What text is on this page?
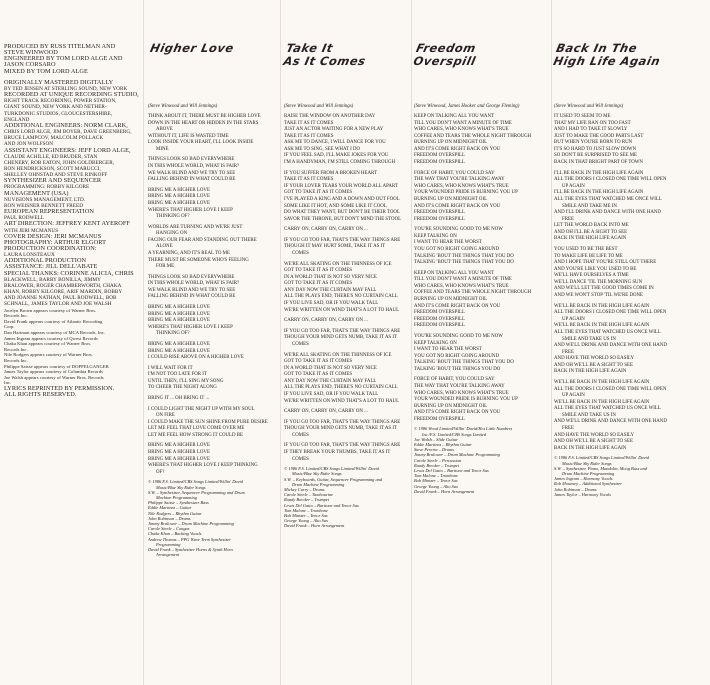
PRODUCED BY RUSS TITELMAN AND
STEVE WINWOOD
ENGINEERED BY TOM LORD ALGE AND
JASON CORSARO
MIXED BY TOM LORD ALGE
ORIGINALLY MASTERED DIGITALLY
BY TED JENSEN AT STERLING SOUND, NEW YORK
RECORDED AT UNIQUE RECORDING STUDIO,
RIGHT TRACK RECORDING, POWER STATION,
GIANT SOUND, NEW YORK AND NETHER-
TURKDONIC STUDIOS, GLOUCESTERSHIRE,
ENGLAND
ADDITIONAL ENGINEERS: NORM CLARK,
CHRIS LORD ALGE, JIM BOYER, DAVE GREENBERG,
BRUCE LAMPCOV, MALCOLM POLLACK
AND JON WOLFSON
ASSISTANT ENGINEERS: JEFF LORD ALGE,
CLAUDE ACHILLE, ED BRUDER, STAN
CHENERY, ROB EATON, JOHN GOLDBERGER,
RON HENDRICKSON, SCOTT MARUCCI,
SHELLEY OHNSTAD AND STEVE RINKOFF
SYNTHESIZER AND SEQUENCER
PROGRAMMING: ROBBY KILGORE
MANAGEMENT (USA)
NUVISIONS MANAGEMENT, LTD.
RON WEISNER BENNETT FREED
EUROPEAN REPRESENTATION
PAUL RODWELL
ART DIRECTION: JEFFREY KENT AYEROFF
WITH JERI MCMANUS
COVER DESIGN: JERI MCMANUS
PHOTOGRAPHY: ARTHUR ELGORT
PRODUCTION COORDINATION:
LAURA LONSTEAUX
ADDITIONAL PRODUCTION
ASSISTANCE: JILL DELL'ABATE
SPECIAL THANKS: CORINNE ALICIA, CHRIS
BLACKWELL, BARRY BONILLA, JIMMY
BRALOWER, ROGER CHAMBERWORTH, CHAKA
KHAN, ROBBY KILGORE, ARIF MARDIN, BOBBY
AND JOANNE NATHAN, PAUL RODWELL, BOB
SCHNALL, JAMES TAYLOR AND JOE WALSH
Jocelyn Brown appears courtesy of Warner Bros.
Records Inc.
David Frank appears courtesy of Atlantic Recording
Corp.
Dan Hartman appears courtesy of MCA Records, Inc.
James Ingram appears courtesy of Qwest Records
Chaka Khan appears courtesy of Warner Bros.
Records Inc.
Nile Rodgers appears courtesy of Warner Bros.
Records Inc.
Philippe Saisse appears courtesy of DOPPELGANGER
James Taylor appears courtesy of Columbia Records
Joe Walsh appears courtesy of Warner Bros. Records
Inc.
LYRICS REPRINTED BY PERMISSION.
ALL RIGHTS RESERVED.
Higher Love
(Steve Winwood and Will Jennings)
THINK ABOUT IT, THERE MUST BE HIGHER LOVE
DOWN IN THE HEART OR HIDDEN IN THE STARS
ABOVE
WITHOUT IT, LIFE IS WASTED TIME
LOOK INSIDE YOUR HEART, I'LL LOOK INSIDE
MINE
THINGS LOOK SO BAD EVERYWHERE
IN THIS WHOLE WORLD, WHAT IS FAIR?
WE WALK BLIND AND WE TRY TO SEE
FALLING BEHIND IN WHAT COULD BE
BRING ME A HIGHER LOVE
BRING ME A HIGHER LOVE
BRING ME A HIGHER LOVE
WHERE'S THAT HIGHER LOVE I KEEP
THINKING OF?
WORLDS ARE TURNING AND WE'RE JUST
HANGING ON
FACING OUR FEAR AND STANDING OUT THERE
ALONE
A YEARNING, AND IT'S REAL TO ME
THERE MUST BE SOMEONE WHO'S FEELING
FOR ME
THINGS LOOK SO BAD EVERYWHERE
IN THIS WHOLE WORLD, WHAT IS FAIR?
WE WALK BLIND AND WE TRY TO SEE
FALLING BEHIND IN WHAT COULD BE
BRING ME A HIGHER LOVE
BRING ME A HIGHER LOVE
BRING ME A HIGHER LOVE
WHERE'S THAT HIGHER LOVE I KEEP
THINKING OF?
BRING ME A HIGHER LOVE
BRING ME A HIGHER LOVE
I COULD RISE ABOVE ON A HIGHER LOVE
I WILL WAIT FOR IT
I'M NOT TOO LATE FOR IT
UNTIL THEN, I'LL SING MY SONG
TO CHEER THE NIGHT ALONG
BRING IT ... OH BRING IT ...
I COULD LIGHT THE NIGHT UP WITH MY SOUL
ON FIRE
I COULD MAKE THE SUN SHINE FROM PURE DESIRE
LET ME FEEL THAT LOVE COME OVER ME
LET ME FEEL HOW STRONG IT COULD BE
BRING ME A HIGHER LOVE
BRING ME A HIGHER LOVE
BRING ME A HIGHER LOVE
WHERE'S THAT HIGHER LOVE I KEEP THINKING
OF?
© 1986 F.S. Limited/CBS Songs Limited/Willin' David
Music/Blue Sky Rider Songs
S.W. – Synthesizer, Sequencer Programming and Drum
Machine Programming
Philippe Saisse – Synthesizer Bass
Eddie Martinez – Guitar
Nile Rodgers – Rhythm Guitar
John Robinson – Drums
Jimmy Bralower – Drum Machine Programming
Carole Steele – Congas
Chaka Khan – Backing Vocals
Andrew Thomas – PPG Wave Term Synthesizer
Programming
David Frank – Synthesizer Horns & Synth Horn
Arrangement
Take It
As It Comes
(Steve Winwood and Will Jennings)
RAISE THE WINDOW ON ANOTHER DAY
TAKE IT AS IT COMES
JUST AN ACTOR WAITING FOR A NEW PLAY
TAKE IT AS IT COMES
ASK ME TO DANCE, I WILL DANCE FOR YOU
ASK ME TO SING, SEE WHAT I DO
IF YOU FEEL SAD, I'LL MAKE JOKES FOR YOU
I'M A HANDYMAN, I'M STILL COMING THROUGH
IF YOU SUFFER FROM A BROKEN HEART
TAKE IT AS IT COMES
IF YOUR LOVER TEARS YOUR WORLD ALL APART
GOT TO TAKE IT AS IT COMES
I'VE PLAYED A KING AND A DOWN AND OUT FOOL
SOME LIKE IT HOT, AND SOME LIKE IT COOL
DO WHAT THEY WANT, BUT DON'T BE THEIR TOOL
SAVOR THE THRONE, BUT DON'T MIND THE STOOL
CARRY ON, CARRY ON, CARRY ON ...
IF YOU GO TOO FAR, THAT'S THE WAY THINGS ARE
THOUGH IT MAY HURT SOME, TAKE IT AS IT
COMES
WE'RE ALL SKATING ON THE THINNESS OF ICE
GOT TO TAKE IT AS IT COMES
IN A WORLD THAT IS NOT SO VERY NICE
GOT TO TAKE IT AS IT COMES
ANY DAY NOW THE CURTAIN MAY FALL
ALL THE PLAYS END, THERE'S NO CURTAIN CALL
IF YOU LIVE SAD, OR IF YOU WALK TALL
WE'RE WRITTEN ON WIND THAT'S A LOT TO HAUL
CARRY ON, CARRY ON, CARRY ON ...
IF YOU GO TOO FAR, THAT'S THE WAY THINGS ARE
THOUGH YOUR MIND GETS NUMB, TAKE IT AS IT
COMES
WE'RE ALL SKATING ON THE THINNESS OF ICE
GOT TO TAKE IT AS IT COMES
IN A WORLD THAT IS NOT SO VERY NICE
GOT TO TAKE IT AS IT COMES
ANY DAY NOW THE CURTAIN MAY FALL
ALL THE PLAYS END, THERE'S NO CURTAIN CALL
IF YOU LIVE SAD, OR IF YOU WALK TALL
WE'RE WRITTEN ON WIND THAT'S A LOT TO HAUL
CARRY ON, CARRY ON, CARRY ON ...
IF YOU GO TOO FAR, THAT'S THE WAY THINGS ARE
THOUGH YOUR MIND GETS NUMB, TAKE IT AS IT
COMES
IF YOU GO TOO FAR, THAT'S THE WAY THINGS ARE
IF THEY BREAK YOUR THUMBS, TAKE IT AS IT
COMES
© 1986 F.S. Limited/CBS Songs Limited/Willin' David
Music/Blue Sky Rider Songs
S.W. – Keyboards, Guitar, Sequencer Programming and
Drum Machine Programming
Mickey Curry – Drums
Carole Steele – Tambourine
Randy Brecker – Trumpet
Lewis Del Gatto – Baritone and Tenor Sax
Tom Malone – Trombone
Bob Mintzer – Tenor Sax
George Young – Alto Sax
David Frank – Horn Arrangement
Freedom
Overspill
(Steve Winwood, James Hooker and George Fleming)
KEEP ON TALKING ALL YOU WANT
TILL YOU DON'T WANT A MINUTE OF TIME
WHO CARES, WHO KNOWS WHAT'S TRUE
COFFEE AND TEARS THE WHOLE NIGHT THROUGH
BURNING UP ON MIDNIGHT OIL
AND IT'S COME RIGHT BACK ON YOU
FREEDOM OVERSPILL
FREEDOM OVERSPILL
FORCE OF HABIT, YOU COULD SAY
THE WAY THAT YOU'RE TALKING AWAY
WHO CARES, WHO KNOWS WHAT'S TRUE
YOUR WOUNDED PRIDE IS BURNING YOU UP
BURNING UP ON MIDNIGHT OIL
AND IT'S COME RIGHT BACK ON YOU
FREEDOM OVERSPILL
FREEDOM OVERSPILL
YOU'RE SOUNDING GOOD TO ME NOW
KEEP TALKING ON
I WANT TO HEAR THE WORST
YOU GOT NO RIGHT GOING AROUND
TALKING 'BOUT THE THINGS THAT YOU DO
TALKING 'BOUT THE THINGS THAT YOU DO
KEEP ON TALKING ALL YOU WANT
TILL YOU DON'T WANT A MINUTE OF TIME
WHO CARES, WHO KNOWS WHAT'S TRUE
COFFEE AND TEARS THE WHOLE NIGHT THROUGH
BURNING UP ON MIDNIGHT OIL
AND IT'S COME RIGHT BACK ON YOU
FREEDOM OVERSPILL
FREEDOM OVERSPILL
FREEDOM OVERSPILL
YOU'RE SOUNDING GOOD TO ME NOW
KEEP TALKING ON
I WANT TO HEAR THE WORST
YOU GOT NO RIGHT GOING AROUND
TALKING 'BOUT THE THINGS THAT YOU DO
TALKING 'BOUT THE THINGS YOU DO
FORCE OF HABIT, YOU COULD SAY
THE WAY THAT YOU'RE TALKING AWAY
WHO CARES, WHO KNOWS WHAT'S TRUE
YOUR WOUNDED PRIDE IS BURNING YOU UP
BURNING UP ON MIDNIGHT OIL
AND IT'S COME RIGHT BACK ON YOU
FREEDOM OVERSPILL
© 1986 Wood Limited/Willin' David/Hot Little Numbers
Inc./F.S. Limited/CBS Songs Limited
Joe Walsh – Slide Guitar
Eddie Martinez – Rhythm Guitar
Steve Pereira – Drums
Jimmy Bralower – Drum Machine Programming
Carole Steele – Percussion
Randy Brecker – Trumpet
Lewis Del Gatto – Baritone and Tenor Sax
Tom Malone – Trombone
Bob Mintzer – Tenor Sax
George Young – Alto Sax
David Frank – Horn Arrangement
Back In The
High Life Again
(Steve Winwood and Will Jennings)
IT USED TO SEEM TO ME
THAT MY LIFE RAN ON TOO FAST
AND I HAD TO TAKE IT SLOWLY
JUST TO MAKE THE GOOD PARTS LAST
BUT WHEN YOU'RE BORN TO RUN
IT'S SO HARD TO JUST SLOW DOWN
SO DON'T BE SURPRISED TO SEE ME
BACK IN THAT BRIGHT PART OF TOWN
I'LL BE BACK IN THE HIGH LIFE AGAIN
ALL THE DOORS I CLOSED ONE TIME WILL OPEN
UP AGAIN
I'LL BE BACK IN THE HIGH LIFE AGAIN
ALL THE EYES THAT WATCHED ME ONCE WILL
SMILE AND TAKE ME IN
AND I'LL DRINK AND DANCE WITH ONE HAND
FREE
LET THE WORLD BACK INTO ME
AND OH I'LL BE A SIGHT TO SEE
BACK IN THE HIGH LIFE AGAIN
YOU USED TO BE THE BEST
TO MAKE LIFE BE LIFE TO ME
AND I HOPE THAT YOU'RE STILL OUT THERE
AND YOU'RE LIKE YOU USED TO BE
WE'LL HAVE OURSELVES A TIME
WE'LL DANCE 'TIL THE MORNING SUN
AND WE'LL LET THE GOOD TIMES COME IN
AND WE WON'T STOP 'TIL WE'RE DONE
WE'LL BE BACK IN THE HIGH LIFE AGAIN
ALL THE DOORS I CLOSED ONE TIME WILL OPEN
UP AGAIN
WE'LL BE BACK IN THE HIGH LIFE AGAIN
ALL THE EYES THAT WATCHED US ONCE WILL
SMILE AND TAKE US IN
AND WE'LL DRINK AND DANCE WITH ONE HAND
FREE
AND HAVE THE WORLD SO EASILY
AND OH WE'LL BE A SIGHT TO SEE
BACK IN THE HIGH LIFE AGAIN
WE'LL BE BACK IN THE HIGH LIFE AGAIN
ALL THE DOORS I CLOSED ONE TIME WILL OPEN
UP AGAIN
WE'LL BE BACK IN THE HIGH LIFE AGAIN
ALL THE EYES THAT WATCHED US ONCE WILL
SMILE AND TAKE US IN
AND WE'LL DRINK AND DANCE WITH ONE HAND
FREE
AND HAVE THE WORLD SO EASILY
AND OH WE'LL BE A SIGHT TO SEE
BACK IN THE HIGH LIFE AGAIN
© 1986 F.S. Limited/CBS Songs Limited/Willin' David
Music/Blue Sky Rider Songs
S.W. – Synthesizer, Piano, Mandolin, Moog Bass and
Drum Machine Programming
James Ingram – Harmony Vocals
Rob Mounsey – Additional Synthesizer
John Robinson – Drums
James Taylor – Harmony Vocals
